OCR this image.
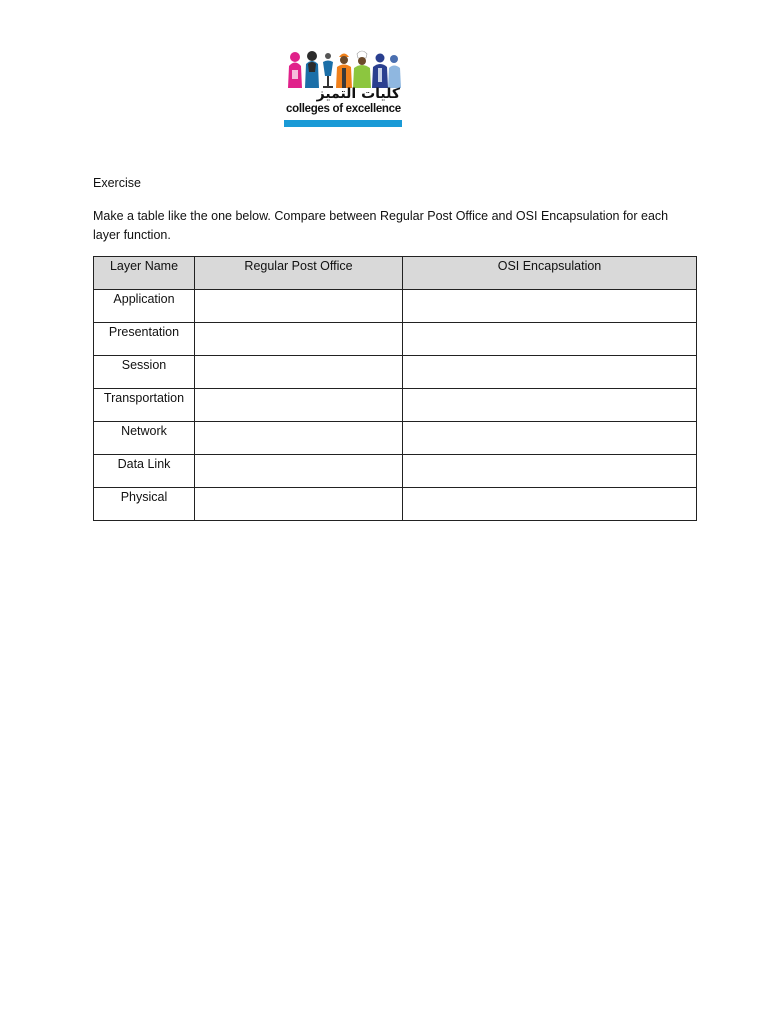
كليات التميز
colleges of excellence
Exercise
Make a table like the one below. Compare between Regular Post Office and OSI Encapsulation for each layer function.
Layer Name	Regular Post Office	OSI Encapsulation
Application		
Presentation		
Session		
Transportation		
Network		
Data Link		
Physical		
